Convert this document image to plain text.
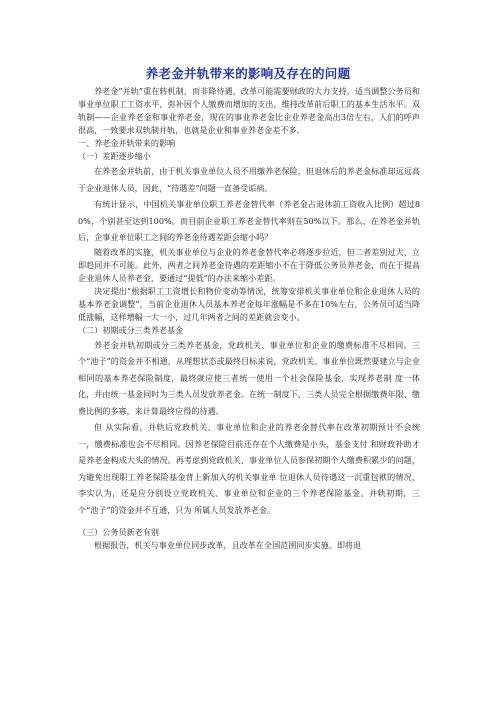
养老金并轨带来的影响及存在的问题

养老金“并轨”重在转机制，而非降待遇，改革可能需要财政的大力支持，适当调整公务员和事业单位职工工资水平，弥补因个人缴费而增加的支出，维持改革前后职工的基本生活水平。双轨制——企业养老金和事业养老金，现在的事业养老金比企业养老金高出3倍左右，人们的呼声很高，一致要求双轨制并轨，也就是企业和事业养老金差不多。

一、养老金并轨带来的影响

（一）差距逐步缩小

在养老金并轨前，由于机关事业单位人员不用缴养老保险，但退休后的养老金标准却远远高于企业退休人员，因此，“待遇差”问题一直备受诟病。

有统计显示，中国机关事业单位职工养老金替代率（养老金占退休前工资收入比例）超过80%，个别甚至达到100%。而目前企业职工养老金替代率则在50%以下。那么，在养老金并轨后，企事业单位职工之间的养老金待遇差距会缩小吗？

随着改革的实施，机关事业单位与企业的养老金替代率必将逐步拉近，但二者差别过大，立即趋同并不可能。此外，两者之间养老金待遇的差距缩小不在于降低公务员养老金，而在于提高企业退休人员养老金，要通过“提低”的办法来缩小差距。

决定提出“根据职工工资增长和物价变动等情况，统筹安排机关事业单位和企业退休人员的基本养老金调整”，当前企业退休人员基本养老金每年涨幅是不多在10%左右，公务员可适当降低涨幅，这样增幅一大一小，过几年两者之间的差距就会变小。

（二）初期或分三类养老基金

养老金并轨初期或分三类养老基金，党政机关、事业单位和企业的缴费标准不尽相同。三个“池子”的资金并不相通，从理想状态或最终目标来说，党政机关、事业单位既然要建立与企业相同的基本养老保险制度，最终就应使三者统一使用一个社会保险基金，实现养老制 度一体化，并由统一基金同时为三类人员发放养老金。在统一制度下，三类人员完全根据缴费年限、缴费比例的多寡，来计算最终应得的待遇。

但 从实际看，并轨后党政机关、事业单位和企业的养老金替代率在改革初期预计不会统一，缴费标准也会不尽相同。因养老保险目前还存在个人缴费是小头，基金支付 和财政补助才是养老金构成大头的情况。再考虑到党政机关、事业单位人员参保初期个人缴费积累少的问题，为避免出现职工养老保险基金背上新加入的机关事业单 位退休人员待遇这一沉重包袱的情况，李实认为，还是应分别设立党政机关、事业单位和企业的三个养老保险基金。并轨初期，三个“池子”的资金并不互通，只为 所属人员发放养老金。

（三）公务员新老有别

根据报告，机关与事业单位同步改革，且改革在全国范围同步实施。即将退
